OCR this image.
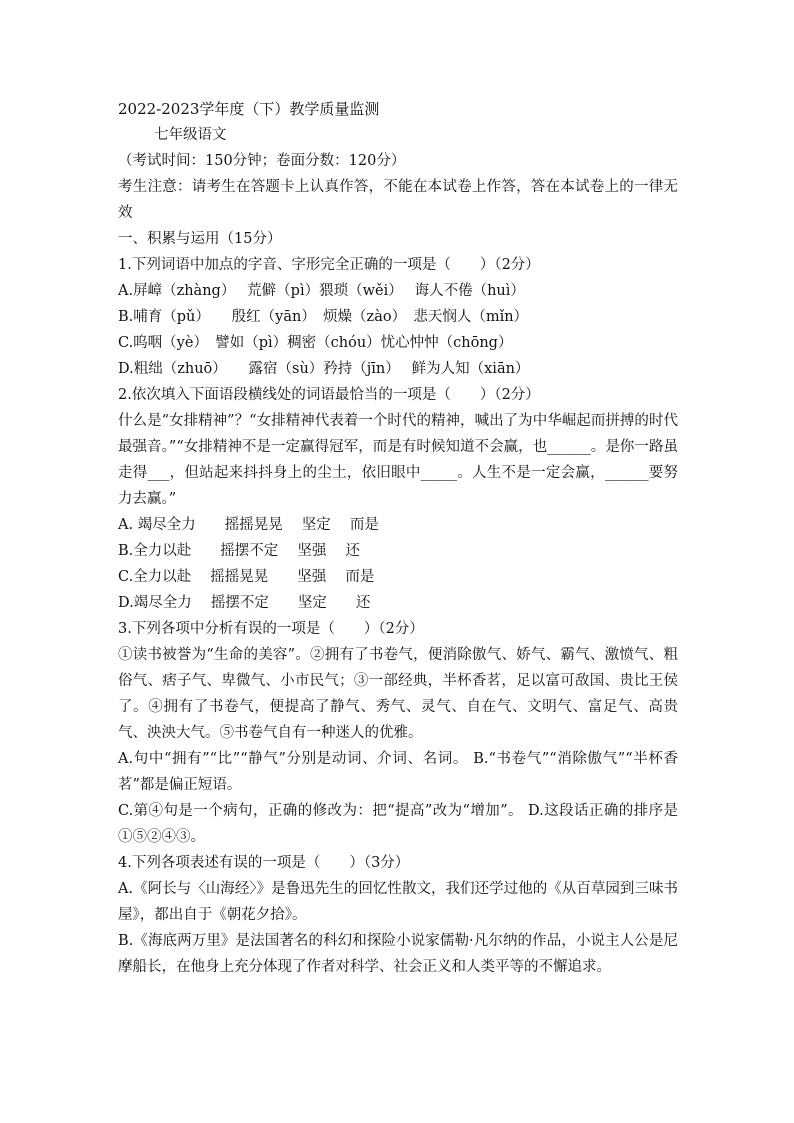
2022-2023学年度（下）教学质量监测
七年级语文
（考试时间：150分钟；卷面分数：120分）
考生注意：请考生在答题卡上认真作答，不能在本试卷上作答，答在本试卷上的一律无效
一、积累与运用（15分）
1.下列词语中加点的字音、字形完全正确的一项是（　　）（2分）
A.屏嶂（zhàng）　 荒僻（pì）猥琐（wěi）　 诲人不倦（huì）
B.哺育（pǔ）　　殷红（yān）　烦燥（zào）　悲天悯人（mǐn）
C.呜咽（yè）　譬如（pì）稠密（chóu）忧心忡忡（chōng）
D.粗绌（zhuō）　　露宿（sù）矜持（jīn）　 鲜为人知（xiān）
2.依次填入下面语段横线处的词语最恰当的一项是（　　）（2分）
什么是“女排精神”？“女排精神代表着一个时代的精神，喊出了为中华崛起而拼搏的时代最强音。”“女排精神不是一定赢得冠军，而是有时候知道不会赢，也______。是你一路虽走得___，但站起来抖抖身上的尘土，依旧眼中_____。人生不是一定会赢，______要努力去赢。”
A. 竭尽全力　　摇摇晃晃　 坚定　 而是
B.全力以赴　　摇摆不定　 坚强　 还
C.全力以赴　 摇摇晃晃　　坚强　 而是
D.竭尽全力　 摇摆不定　　坚定　　还
3.下列各项中分析有误的一项是（　　）（2分）
①读书被誉为“生命的美容”。②拥有了书卷气，便消除傲气、娇气、霸气、激愤气、粗俗气、痞子气、卑微气、小市民气；③一部经典，半杯香茗，足以富可敌国、贵比王侯了。④拥有了书卷气，便提高了静气、秀气、灵气、自在气、文明气、富足气、高贵气、泱泱大气。⑤书卷气自有一种迷人的优雅。
A.句中“拥有”“比”“静气”分别是动词、介词、名词。 B.“书卷气”“消除傲气”“半杯香茗”都是偏正短语。
C.第④句是一个病句，正确的修改为：把“提高”改为“增加”。 D.这段话正确的排序是①⑤②④③。
4.下列各项表述有误的一项是（　　）（3分）
A.《阿长与〈山海经〉》是鲁迅先生的回忆性散文，我们还学过他的《从百草园到三味书屋》，都出自于《朝花夕拾》。
B.《海底两万里》是法国著名的科幻和探险小说家儒勒·凡尔纳的作品，小说主人公是尼摩船长，在他身上充分体现了作者对科学、社会正义和人类平等的不懈追求。
